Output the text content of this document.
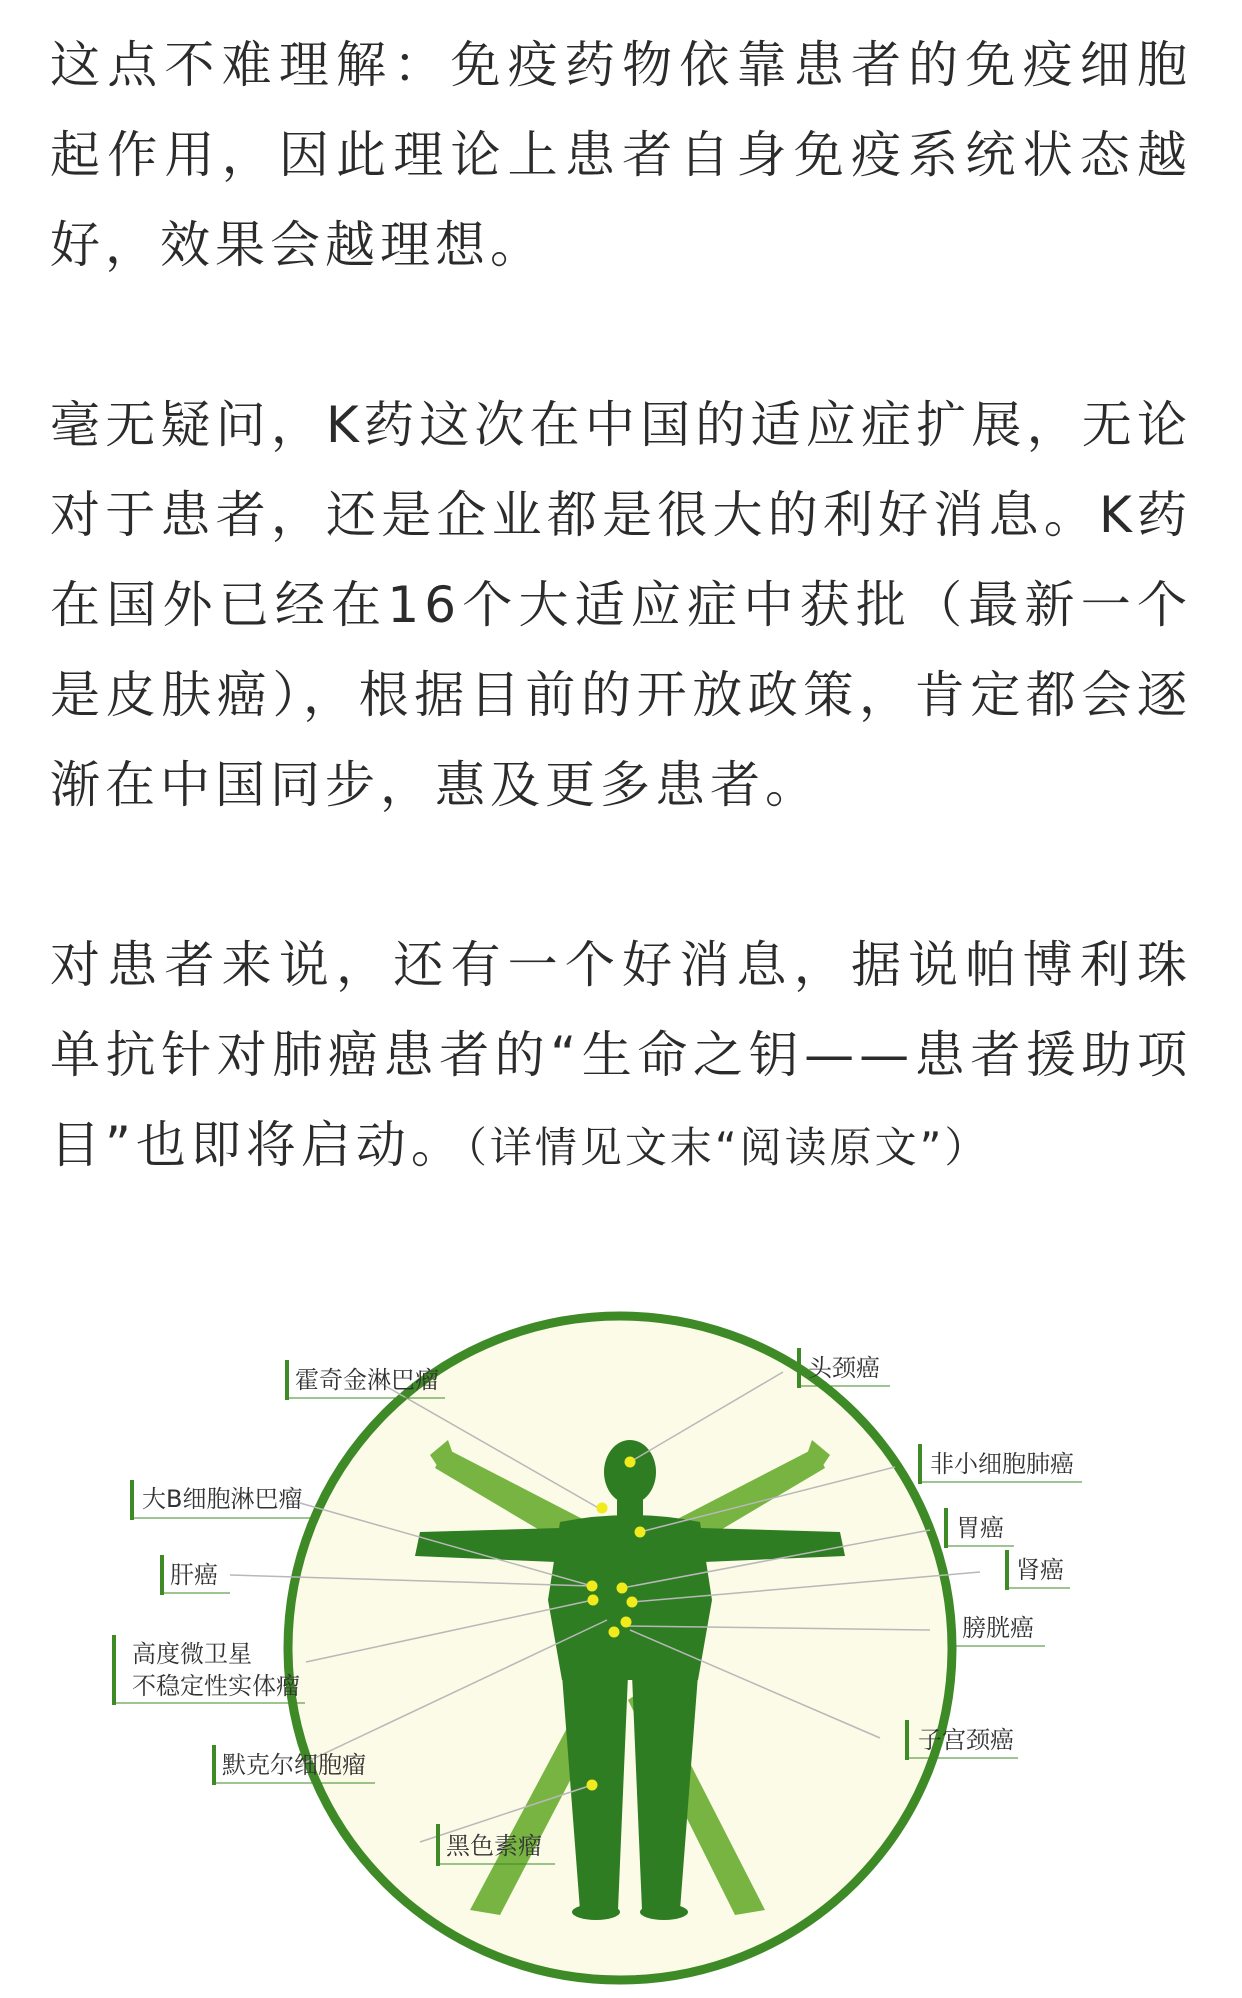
这点不难理解：免疫药物依靠患者的免疫细胞起作用，因此理论上患者自身免疫系统状态越好，效果会越理想。

毫无疑问，K药这次在中国的适应症扩展，无论对于患者，还是企业都是很大的利好消息。K药在国外已经在16个大适应症中获批（最新一个是皮肤癌），根据目前的开放政策，肯定都会逐渐在中国同步，惠及更多患者。

对患者来说，还有一个好消息，据说帕博利珠单抗针对肺癌患者的“生命之钥——患者援助项目”也即将启动。（详情见文末“阅读原文”）

霍奇金淋巴瘤
大B细胞淋巴瘤
肝癌
高度微卫星
不稳定性实体瘤
默克尔细胞瘤
黑色素瘤
头颈癌
非小细胞肺癌
胃癌
肾癌
膀胱癌
子宫颈癌
